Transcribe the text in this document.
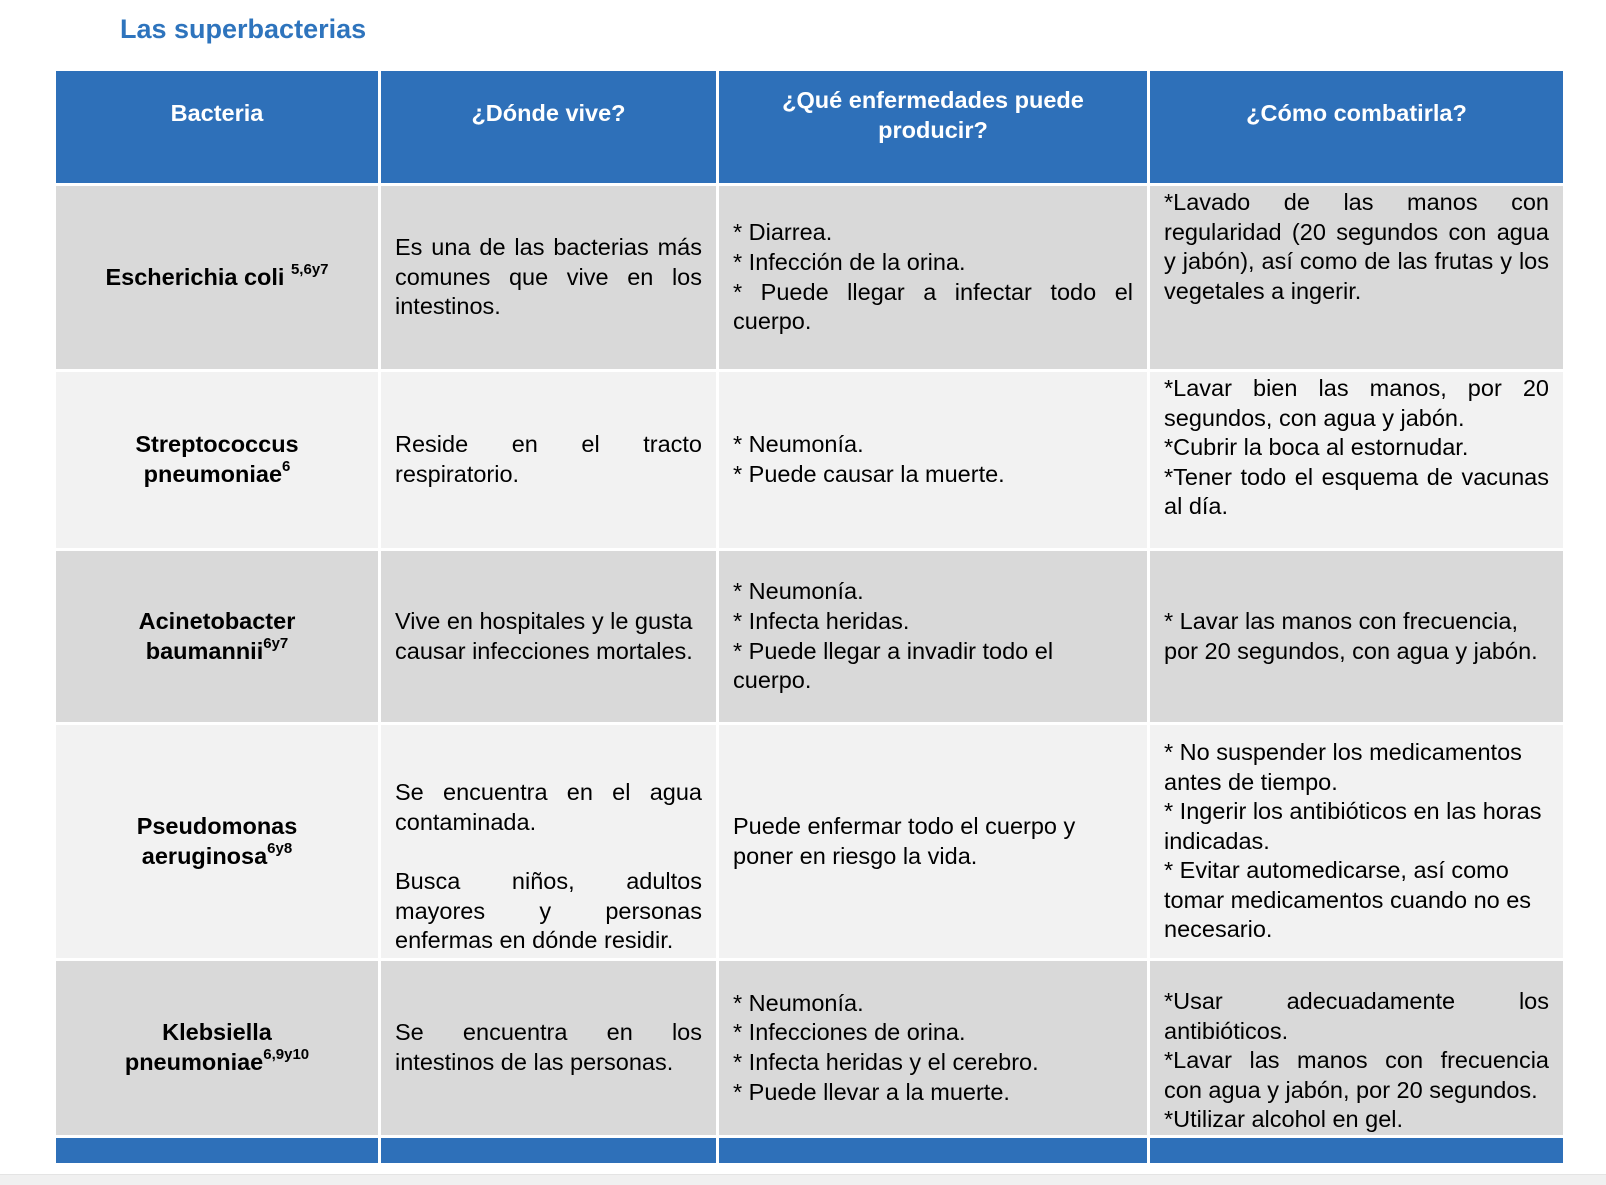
Las superbacterias
Bacteria	¿Dónde vive?	¿Qué enfermedades puede producir?	¿Cómo combatirla?
Escherichia coli $^{5,6y7}$	Es una de las bacterias más comunes que vive en los intestinos.	* Diarrea.
* Infección de la orina.
* Puede llegar a infectar todo el cuerpo.	*Lavado de las manos con regularidad (20 segundos con agua y jabón), así como de las frutas y los vegetales a ingerir.

Streptococcus pneumoniae$^6$	Reside en el tracto respiratorio.	* Neumonía.
* Puede causar la muerte.	*Lavar bien las manos, por 20 segundos, con agua y jabón.
*Cubrir la boca al estornudar.
*Tener todo el esquema de vacunas al día.

Acinetobacter baumannii$^{6y7}$	Vive en hospitales y le gusta causar infecciones mortales.	* Neumonía.
* Infecta heridas.
* Puede llegar a invadir todo el cuerpo.	* Lavar las manos con frecuencia, por 20 segundos, con agua y jabón.

Pseudomonas aeruginosa$^{6y8}$	Se encuentra en el agua contaminada.
Busca niños, adultos mayores y personas enfermas en dónde residir.	Puede enfermar todo el cuerpo y poner en riesgo la vida.	* No suspender los medicamentos antes de tiempo.
* Ingerir los antibióticos en las horas indicadas.
* Evitar automedicarse, así como tomar medicamentos cuando no es necesario.

Klebsiella pneumoniae$^{6,9y10}$	Se encuentra en los intestinos de las personas.	* Neumonía.
* Infecciones de orina.
* Infecta heridas y el cerebro.
* Puede llevar a la muerte.	*Usar adecuadamente los antibióticos.
*Lavar las manos con frecuencia con agua y jabón, por 20 segundos.
*Utilizar alcohol en gel.
